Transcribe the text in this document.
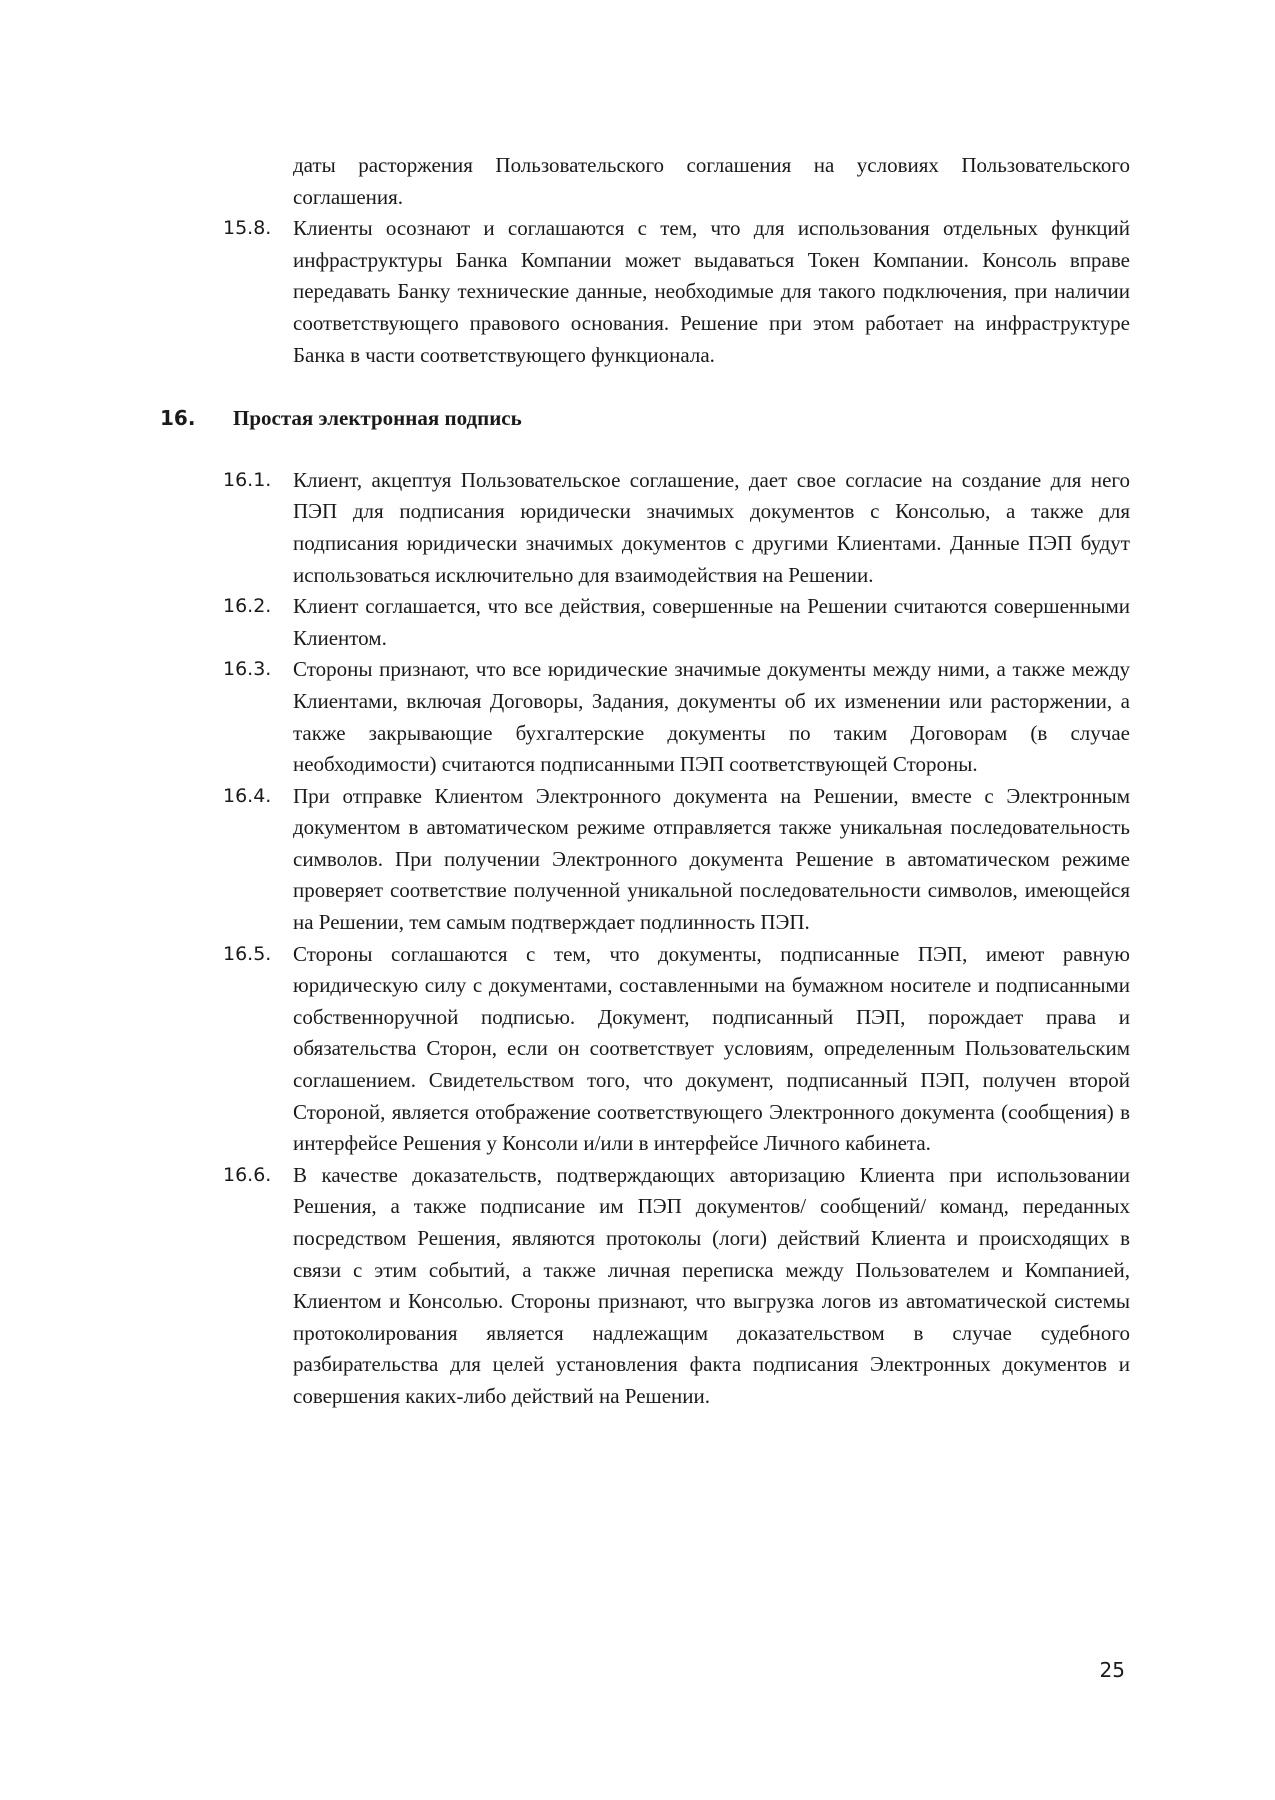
даты расторжения Пользовательского соглашения на условиях Пользовательского соглашения.
15.8.	Клиенты осознают и соглашаются с тем, что для использования отдельных функций инфраструктуры Банка Компании может выдаваться Токен Компании. Консоль вправе передавать Банку технические данные, необходимые для такого подключения, при наличии соответствующего правового основания. Решение при этом работает на инфраструктуре Банка в части соответствующего функционала.
16.	Простая электронная подпись
16.1.	Клиент, акцептуя Пользовательское соглашение, дает свое согласие на создание для него ПЭП для подписания юридически значимых документов с Консолью, а также для подписания юридически значимых документов с другими Клиентами. Данные ПЭП будут использоваться исключительно для взаимодействия на Решении.
16.2.	Клиент соглашается, что все действия, совершенные на Решении считаются совершенными Клиентом.
16.3.	Стороны признают, что все юридические значимые документы между ними, а также между Клиентами, включая Договоры, Задания, документы об их изменении или расторжении, а также закрывающие бухгалтерские документы по таким Договорам (в случае необходимости) считаются подписанными ПЭП соответствующей Стороны.
16.4.	При отправке Клиентом Электронного документа на Решении, вместе с Электронным документом в автоматическом режиме отправляется также уникальная последовательность символов. При получении Электронного документа Решение в автоматическом режиме проверяет соответствие полученной уникальной последовательности символов, имеющейся на Решении, тем самым подтверждает подлинность ПЭП.
16.5.	Стороны соглашаются с тем, что документы, подписанные ПЭП, имеют равную юридическую силу с документами, составленными на бумажном носителе и подписанными собственноручной подписью. Документ, подписанный ПЭП, порождает права и обязательства Сторон, если он соответствует условиям, определенным Пользовательским соглашением. Свидетельством того, что документ, подписанный ПЭП, получен второй Стороной, является отображение соответствующего Электронного документа (сообщения) в интерфейсе Решения у Консоли и/или в интерфейсе Личного кабинета.
16.6.	В качестве доказательств, подтверждающих авторизацию Клиента при использовании Решения, а также подписание им ПЭП документов/ сообщений/ команд, переданных посредством Решения, являются протоколы (логи) действий Клиента и происходящих в связи с этим событий, а также личная переписка между Пользователем и Компанией, Клиентом и Консолью. Стороны признают, что выгрузка логов из автоматической системы протоколирования является надлежащим доказательством в случае судебного разбирательства для целей установления факта подписания Электронных документов и совершения каких-либо действий на Решении.
25
